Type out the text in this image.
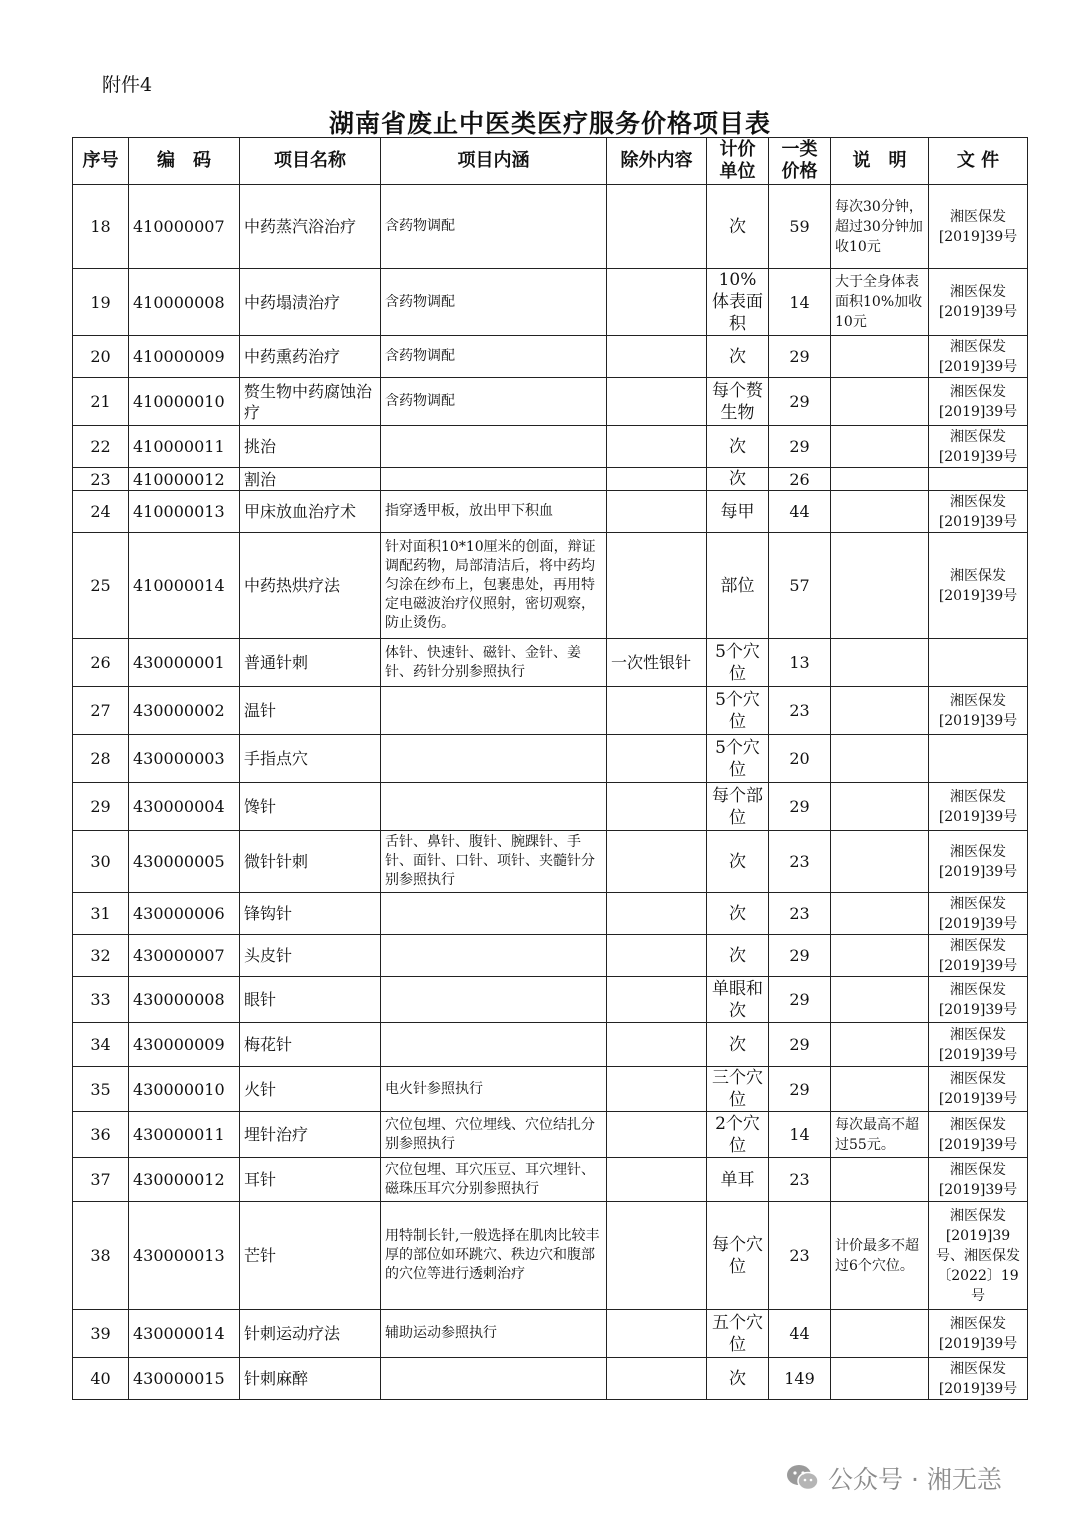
附件4
湖南省废止中医类医疗服务价格项目表
序号	编　码	项目名称	项目内涵	除外内容	计价单位	一类价格	说　明	文 件
18	410000007	中药蒸汽浴治疗	含药物调配		次	59	每次30分钟，超过30分钟加收10元	湘医保发[2019]39号
19	410000008	中药塌渍治疗	含药物调配		10%体表面积	14	大于全身体表面积10%加收10元	湘医保发[2019]39号
20	410000009	中药熏药治疗	含药物调配		次	29		湘医保发[2019]39号
21	410000010	赘生物中药腐蚀治疗	含药物调配		每个赘生物	29		湘医保发[2019]39号
22	410000011	挑治			次	29		湘医保发[2019]39号
23	410000012	割治			次	26		
24	410000013	甲床放血治疗术	指穿透甲板，放出甲下积血		每甲	44		湘医保发[2019]39号
25	410000014	中药热烘疗法	针对面积10*10厘米的创面，辩证调配药物，局部清洁后，将中药均匀涂在纱布上，包裹患处，再用特定电磁波治疗仪照射，密切观察，防止烫伤。		部位	57		湘医保发[2019]39号
26	430000001	普通针刺	体针、快速针、磁针、金针、姜针、药针分别参照执行	一次性银针	5个穴位	13		
27	430000002	温针			5个穴位	23		湘医保发[2019]39号
28	430000003	手指点穴			5个穴位	20		
29	430000004	馋针			每个部位	29		湘医保发[2019]39号
30	430000005	微针针刺	舌针、鼻针、腹针、腕踝针、手针、面针、口针、项针、夹髓针分别参照执行		次	23		湘医保发[2019]39号
31	430000006	锋钩针			次	23		湘医保发[2019]39号
32	430000007	头皮针			次	29		湘医保发[2019]39号
33	430000008	眼针			单眼和次	29		湘医保发[2019]39号
34	430000009	梅花针			次	29		湘医保发[2019]39号
35	430000010	火针	电火针参照执行		三个穴位	29		湘医保发[2019]39号
36	430000011	埋针治疗	穴位包埋、穴位埋线、穴位结扎分别参照执行		2个穴位	14	每次最高不超过55元。	湘医保发[2019]39号
37	430000012	耳针	穴位包埋、耳穴压豆、耳穴埋针、磁珠压耳穴分别参照执行		单耳	23		湘医保发[2019]39号
38	430000013	芒针	用特制长针,一般选择在肌肉比较丰厚的部位如环跳穴、秩边穴和腹部的穴位等进行透刺治疗		每个穴位	23	计价最多不超过6个穴位。	湘医保发[2019]39号、湘医保发〔2022〕19号
39	430000014	针刺运动疗法	辅助运动参照执行		五个穴位	44		湘医保发[2019]39号
40	430000015	针刺麻醉			次	149		湘医保发[2019]39号
公众号 · 湘无恙
